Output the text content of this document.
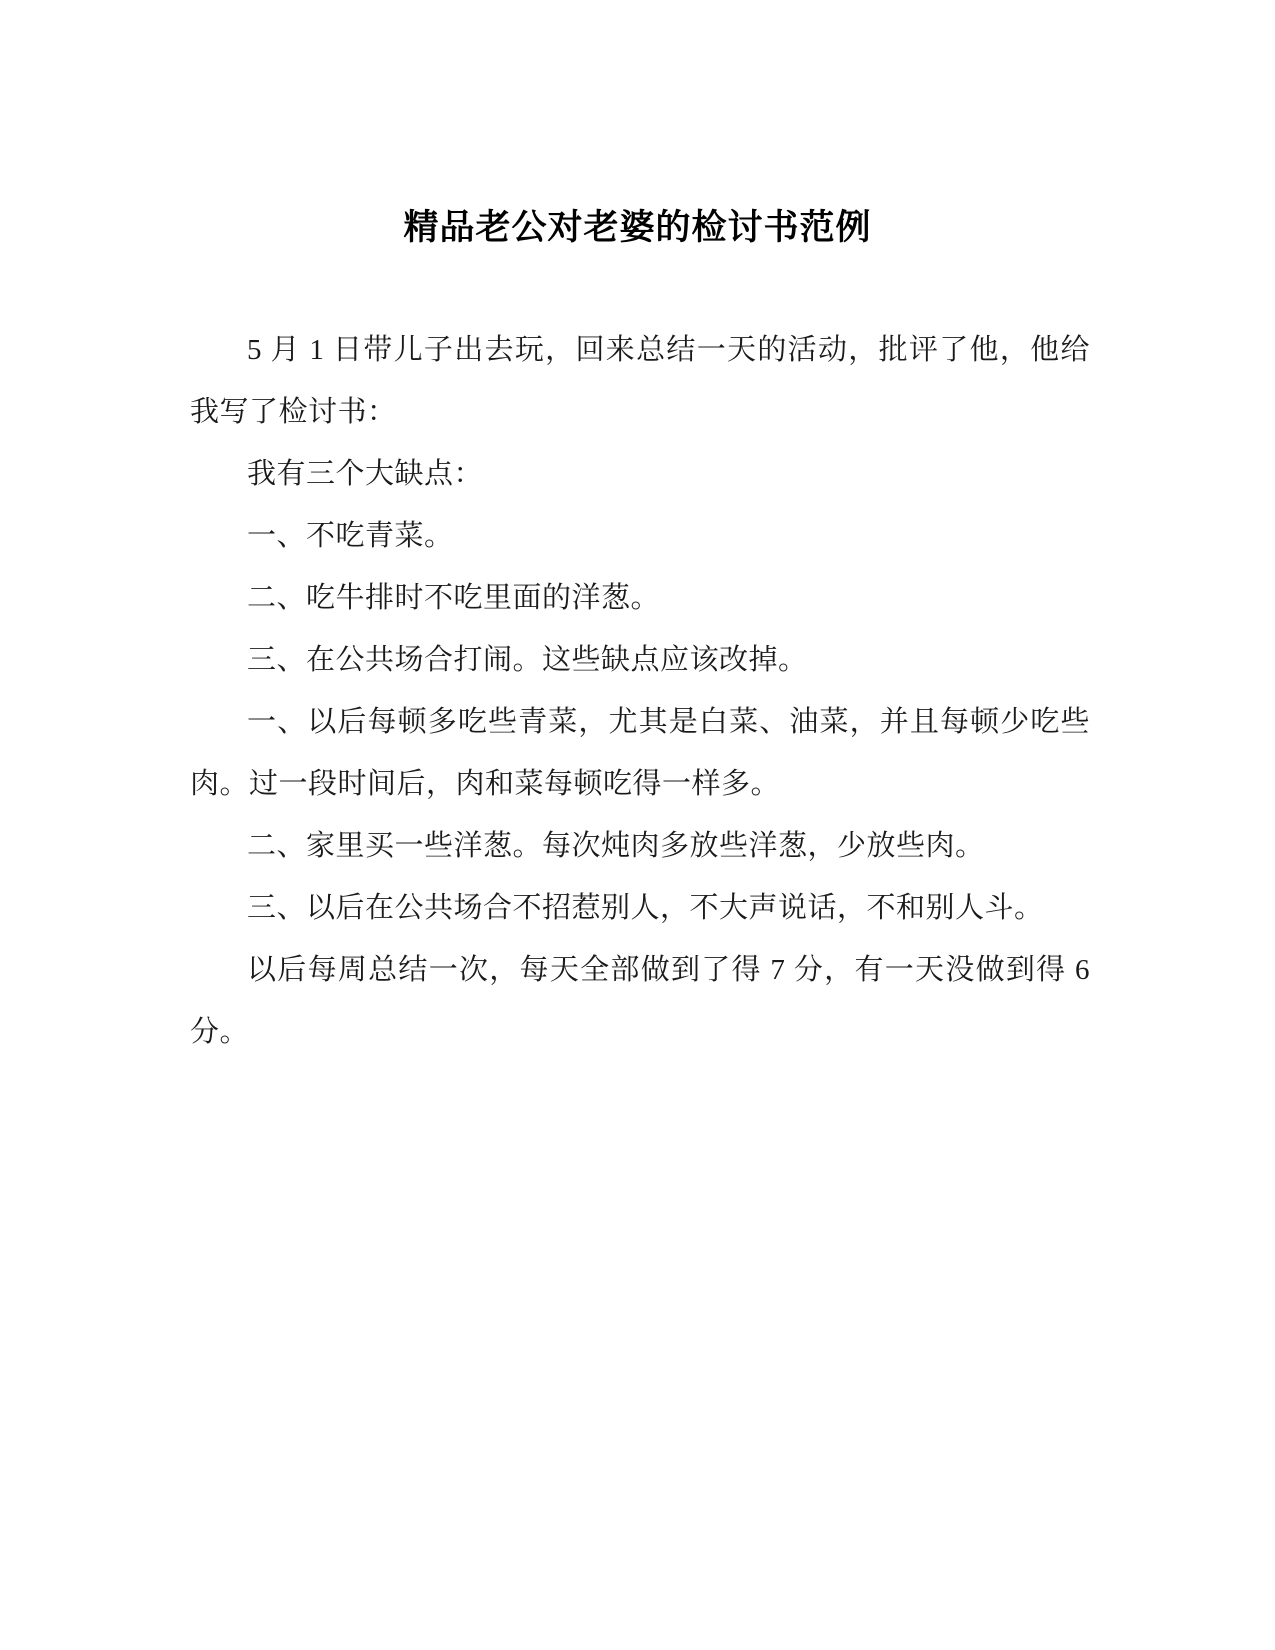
精品老公对老婆的检讨书范例
5 月 1 日带儿子出去玩，回来总结一天的活动，批评了他，他给
我写了检讨书：
我有三个大缺点：
一、不吃青菜。
二、吃牛排时不吃里面的洋葱。
三、在公共场合打闹。这些缺点应该改掉。
一、以后每顿多吃些青菜，尤其是白菜、油菜，并且每顿少吃些
肉。过一段时间后，肉和菜每顿吃得一样多。
二、家里买一些洋葱。每次炖肉多放些洋葱，少放些肉。
三、以后在公共场合不招惹别人，不大声说话，不和别人斗。
以后每周总结一次，每天全部做到了得 7 分，有一天没做到得 6
分。
